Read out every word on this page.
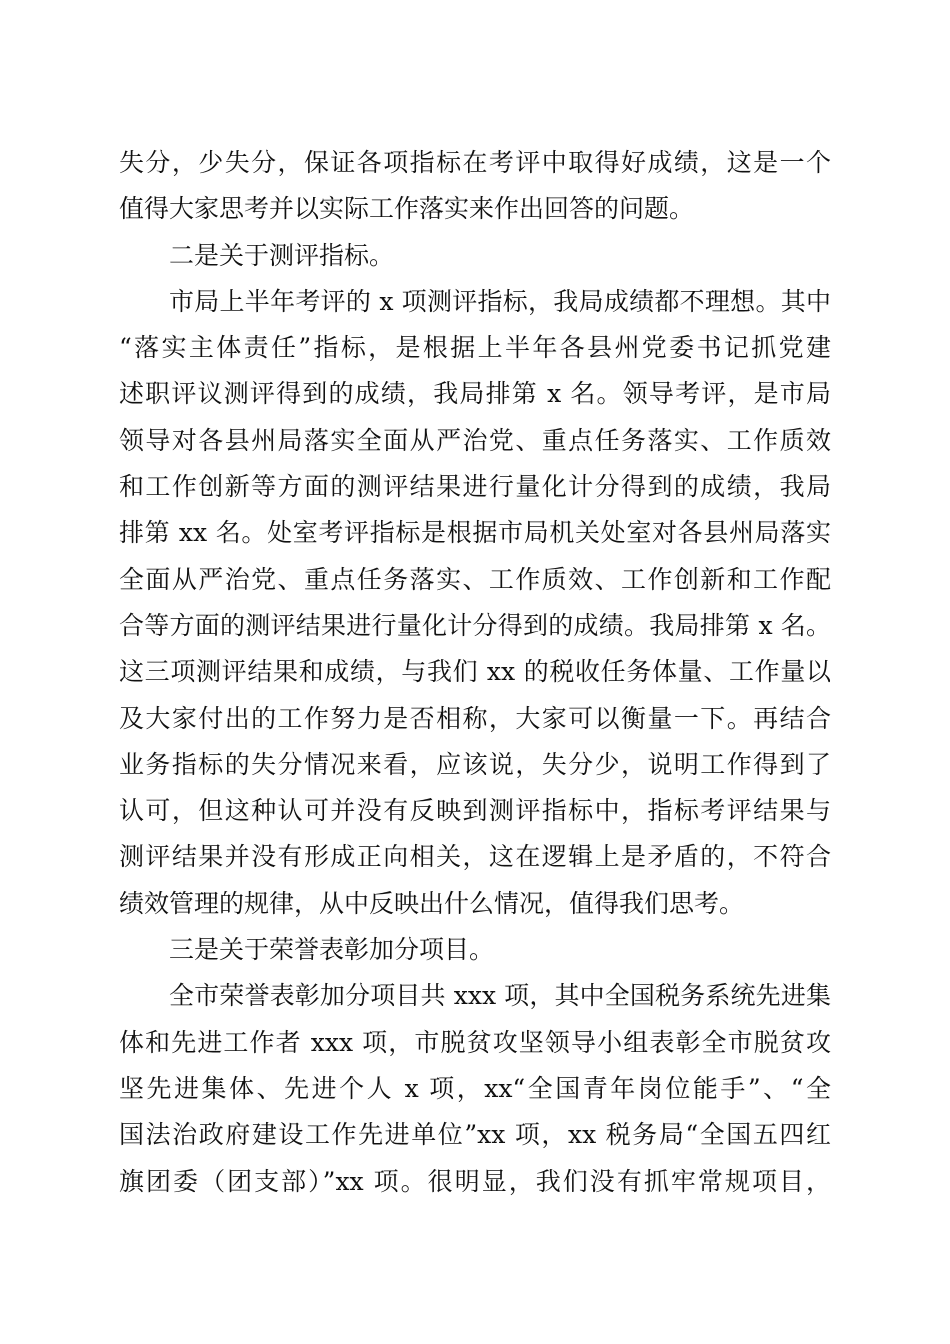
失分，少失分，保证各项指标在考评中取得好成绩，这是一个
值得大家思考并以实际工作落实来作出回答的问题。
二是关于测评指标。
市局上半年考评的 x 项测评指标，我局成绩都不理想。其中
“落实主体责任”指标，是根据上半年各县州党委书记抓党建
述职评议测评得到的成绩，我局排第 x 名。领导考评，是市局
领导对各县州局落实全面从严治党、重点任务落实、工作质效
和工作创新等方面的测评结果进行量化计分得到的成绩，我局
排第 xx 名。处室考评指标是根据市局机关处室对各县州局落实
全面从严治党、重点任务落实、工作质效、工作创新和工作配
合等方面的测评结果进行量化计分得到的成绩。我局排第 x 名。
这三项测评结果和成绩，与我们 xx 的税收任务体量、工作量以
及大家付出的工作努力是否相称，大家可以衡量一下。再结合
业务指标的失分情况来看，应该说，失分少，说明工作得到了
认可，但这种认可并没有反映到测评指标中，指标考评结果与
测评结果并没有形成正向相关，这在逻辑上是矛盾的，不符合
绩效管理的规律，从中反映出什么情况，值得我们思考。
三是关于荣誉表彰加分项目。
全市荣誉表彰加分项目共 xxx 项，其中全国税务系统先进集
体和先进工作者 xxx 项，市脱贫攻坚领导小组表彰全市脱贫攻
坚先进集体、先进个人 x 项，xx“全国青年岗位能手”、“全
国法治政府建设工作先进单位”xx 项，xx 税务局“全国五四红
旗团委（团支部）”xx 项。很明显，我们没有抓牢常规项目，
